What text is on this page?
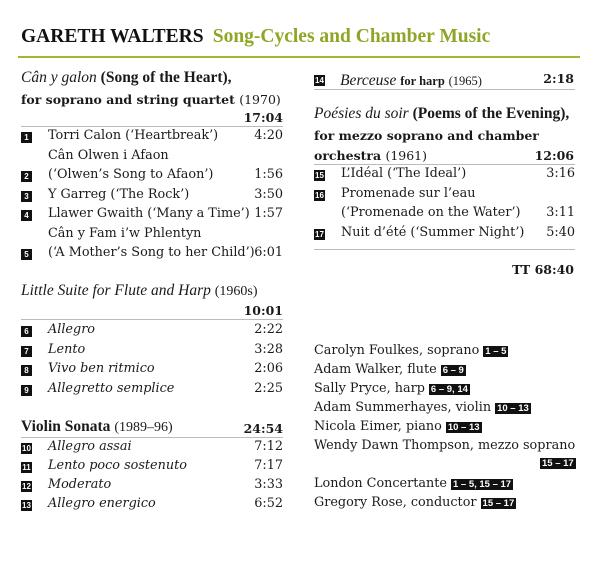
GARETH WALTERS Song-Cycles and Chamber Music
Cân y galon (Song of the Heart),
for soprano and string quartet (1970)
17:04
1 Torri Calon (‘Heartbreak’)	4:20
Cân Olwen i Afaon
2 (‘Olwen’s Song to Afaon’)	1:56
3 Y Garreg (‘The Rock’)	3:50
4 Llawer Gwaith (‘Many a Time’) 1:57
Cân y Fam i’w Phlentyn
5 (‘A Mother’s Song to her Child’) 6:01
Little Suite for Flute and Harp (1960s)
10:01
6 Allegro	2:22
7 Lento	3:28
8 Vivo ben ritmico	2:06
9 Allegretto semplice	2:25
Violin Sonata (1989–96)	24:54
10 Allegro assai	7:12
11 Lento poco sostenuto	7:17
12 Moderato	3:33
13 Allegro energico	6:52
14 Berceuse for harp (1965)	2:18
Poésies du soir (Poems of the Evening),
for mezzo soprano and chamber
orchestra (1961)	12:06
15 L’Idéal (‘The Ideal’)	3:16
16 Promenade sur l’eau
(‘Promenade on the Water’)	3:11
17 Nuit d’été (‘Summer Night’)	5:40
TT 68:40
Carolyn Foulkes, soprano 1 – 5
Adam Walker, flute 6 – 9
Sally Pryce, harp 6 – 9, 14
Adam Summerhayes, violin 10 – 13
Nicola Eimer, piano 10 – 13
Wendy Dawn Thompson, mezzo soprano
15 – 17
London Concertante 1 – 5, 15 – 17
Gregory Rose, conductor 15 – 17
